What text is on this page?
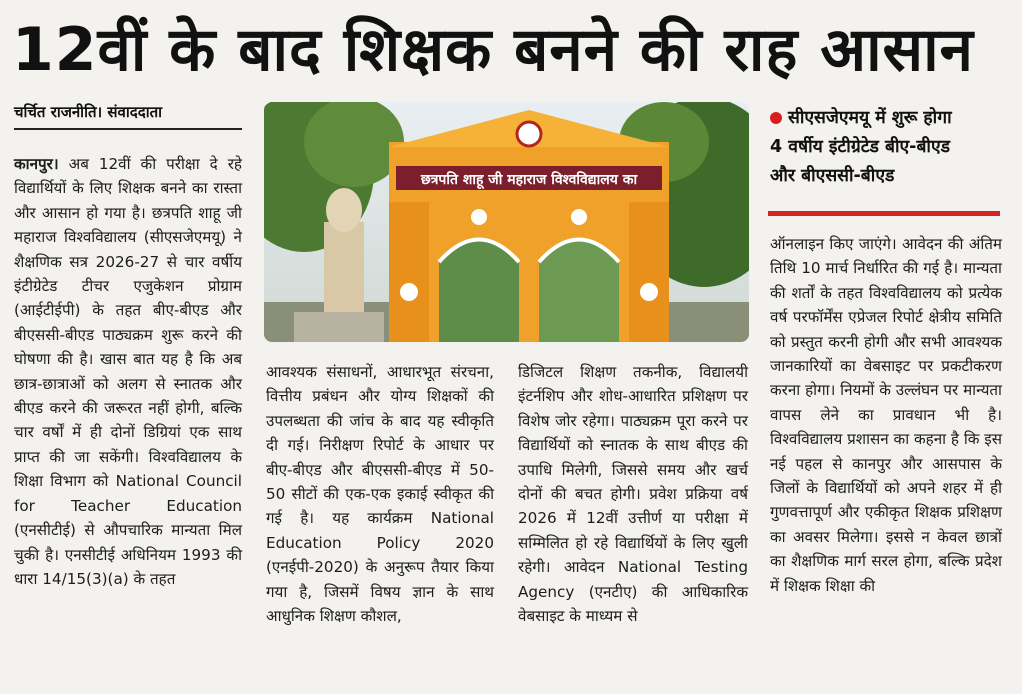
12वीं के बाद शिक्षक बनने की राह आसान
चर्चित राजनीति। संवाददाता
छत्रपति शाहू जी महाराज विश्वविद्यालय का
सीएसजेएमयू में शुरू होगा
4 वर्षीय इंटीग्रेटेड बीए-बीएड
और बीएससी-बीएड

कानपुर। अब 12वीं की परीक्षा दे रहे विद्यार्थियों के लिए शिक्षक बनने का रास्ता और आसान हो गया है। छत्रपति शाहू जी महाराज विश्वविद्यालय (सीएसजेएमयू) ने शैक्षणिक सत्र 2026-27 से चार वर्षीय इंटीग्रेटेड टीचर एजुकेशन प्रोग्राम (आईटीईपी) के तहत बीए-बीएड और बीएससी-बीएड पाठ्यक्रम शुरू करने की घोषणा की है। खास बात यह है कि अब छात्र-छात्राओं को अलग से स्नातक और बीएड करने की जरूरत नहीं होगी, बल्कि चार वर्षों में ही दोनों डिग्रियां एक साथ प्राप्त की जा सकेंगी। विश्वविद्यालय के शिक्षा विभाग को National Council for Teacher Education (एनसीटीई) से औपचारिक मान्यता मिल चुकी है। एनसीटीई अधिनियम 1993 की धारा 14/15(3)(a) के तहत

आवश्यक संसाधनों, आधारभूत संरचना, वित्तीय प्रबंधन और योग्य शिक्षकों की उपलब्धता की जांच के बाद यह स्वीकृति दी गई। निरीक्षण रिपोर्ट के आधार पर बीए-बीएड और बीएससी-बीएड में 50-50 सीटों की एक-एक इकाई स्वीकृत की गई है। यह कार्यक्रम National Education Policy 2020 (एनईपी-2020) के अनुरूप तैयार किया गया है, जिसमें विषय ज्ञान के साथ आधुनिक शिक्षण कौशल,

डिजिटल शिक्षण तकनीक, विद्यालयी इंटर्नशिप और शोध-आधारित प्रशिक्षण पर विशेष जोर रहेगा। पाठ्यक्रम पूरा करने पर विद्यार्थियों को स्नातक के साथ बीएड की उपाधि मिलेगी, जिससे समय और खर्च दोनों की बचत होगी। प्रवेश प्रक्रिया वर्ष 2026 में 12वीं उत्तीर्ण या परीक्षा में सम्मिलित हो रहे विद्यार्थियों के लिए खुली रहेगी। आवेदन National Testing Agency (एनटीए) की आधिकारिक वेबसाइट के माध्यम से

ऑनलाइन किए जाएंगे। आवेदन की अंतिम तिथि 10 मार्च निर्धारित की गई है। मान्यता की शर्तों के तहत विश्वविद्यालय को प्रत्येक वर्ष परफॉर्मेंस एप्रेजल रिपोर्ट क्षेत्रीय समिति को प्रस्तुत करनी होगी और सभी आवश्यक जानकारियों का वेबसाइट पर प्रकटीकरण करना होगा। नियमों के उल्लंघन पर मान्यता वापस लेने का प्रावधान भी है। विश्वविद्यालय प्रशासन का कहना है कि इस नई पहल से कानपुर और आसपास के जिलों के विद्यार्थियों को अपने शहर में ही गुणवत्तापूर्ण और एकीकृत शिक्षक प्रशिक्षण का अवसर मिलेगा। इससे न केवल छात्रों का शैक्षणिक मार्ग सरल होगा, बल्कि प्रदेश में शिक्षक शिक्षा की
